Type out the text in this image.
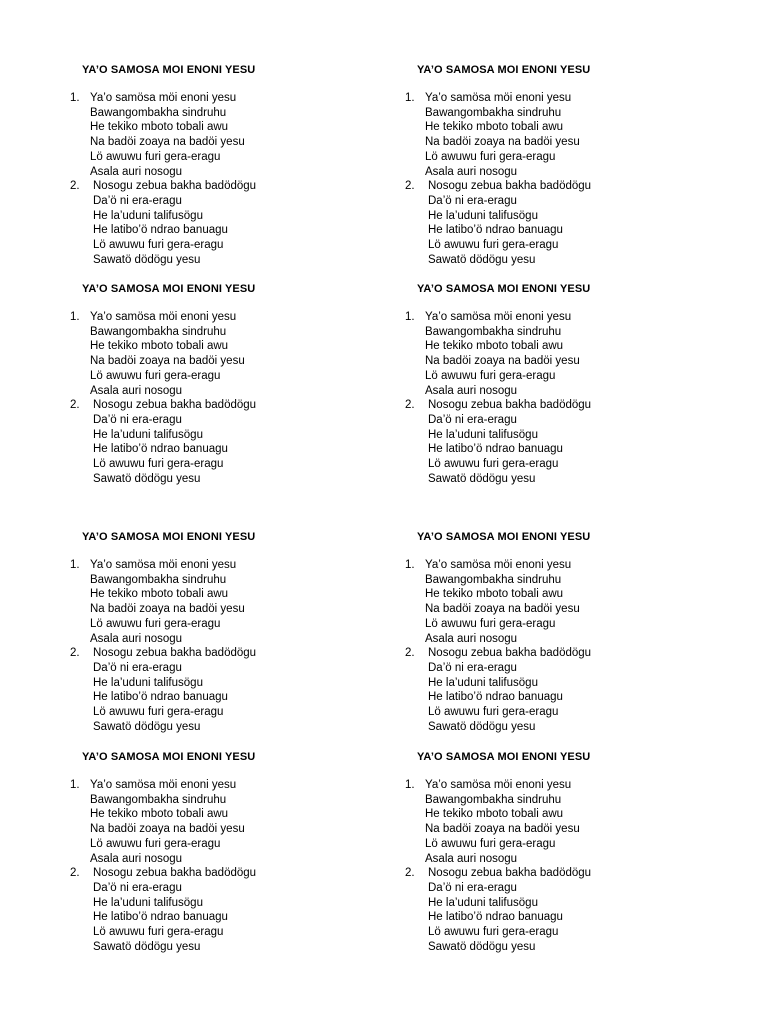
YA’O SAMOSA MOI ENONI YESU
1. Ya’o samösa möi enoni yesu
Bawangombakha sindruhu
He tekiko mboto tobali awu
Na badöi zoaya na badöi yesu
Lö awuwu furi gera-eragu
Asala auri nosogu
2. Nosogu zebua bakha badödögu
Da’ö ni era-eragu
He la’uduni talifusögu
He latibo’ö ndrao banuagu
Lö awuwu furi gera-eragu
Sawatö dödögu yesu
YA’O SAMOSA MOI ENONI YESU
1. Ya’o samösa möi enoni yesu
Bawangombakha sindruhu
He tekiko mboto tobali awu
Na badöi zoaya na badöi yesu
Lö awuwu furi gera-eragu
Asala auri nosogu
2. Nosogu zebua bakha badödögu
Da’ö ni era-eragu
He la’uduni talifusögu
He latibo’ö ndrao banuagu
Lö awuwu furi gera-eragu
Sawatö dödögu yesu
YA’O SAMOSA MOI ENONI YESU
1. Ya’o samösa möi enoni yesu
Bawangombakha sindruhu
He tekiko mboto tobali awu
Na badöi zoaya na badöi yesu
Lö awuwu furi gera-eragu
Asala auri nosogu
2. Nosogu zebua bakha badödögu
Da’ö ni era-eragu
He la’uduni talifusögu
He latibo’ö ndrao banuagu
Lö awuwu furi gera-eragu
Sawatö dödögu yesu
YA’O SAMOSA MOI ENONI YESU
1. Ya’o samösa möi enoni yesu
Bawangombakha sindruhu
He tekiko mboto tobali awu
Na badöi zoaya na badöi yesu
Lö awuwu furi gera-eragu
Asala auri nosogu
2. Nosogu zebua bakha badödögu
Da’ö ni era-eragu
He la’uduni talifusögu
He latibo’ö ndrao banuagu
Lö awuwu furi gera-eragu
Sawatö dödögu yesu
YA’O SAMOSA MOI ENONI YESU
1. Ya’o samösa möi enoni yesu
Bawangombakha sindruhu
He tekiko mboto tobali awu
Na badöi zoaya na badöi yesu
Lö awuwu furi gera-eragu
Asala auri nosogu
2. Nosogu zebua bakha badödögu
Da’ö ni era-eragu
He la’uduni talifusögu
He latibo’ö ndrao banuagu
Lö awuwu furi gera-eragu
Sawatö dödögu yesu
YA’O SAMOSA MOI ENONI YESU
1. Ya’o samösa möi enoni yesu
Bawangombakha sindruhu
He tekiko mboto tobali awu
Na badöi zoaya na badöi yesu
Lö awuwu furi gera-eragu
Asala auri nosogu
2. Nosogu zebua bakha badödögu
Da’ö ni era-eragu
He la’uduni talifusögu
He latibo’ö ndrao banuagu
Lö awuwu furi gera-eragu
Sawatö dödögu yesu
YA’O SAMOSA MOI ENONI YESU
1. Ya’o samösa möi enoni yesu
Bawangombakha sindruhu
He tekiko mboto tobali awu
Na badöi zoaya na badöi yesu
Lö awuwu furi gera-eragu
Asala auri nosogu
2. Nosogu zebua bakha badödögu
Da’ö ni era-eragu
He la’uduni talifusögu
He latibo’ö ndrao banuagu
Lö awuwu furi gera-eragu
Sawatö dödögu yesu
YA’O SAMOSA MOI ENONI YESU
1. Ya’o samösa möi enoni yesu
Bawangombakha sindruhu
He tekiko mboto tobali awu
Na badöi zoaya na badöi yesu
Lö awuwu furi gera-eragu
Asala auri nosogu
2. Nosogu zebua bakha badödögu
Da’ö ni era-eragu
He la’uduni talifusögu
He latibo’ö ndrao banuagu
Lö awuwu furi gera-eragu
Sawatö dödögu yesu
